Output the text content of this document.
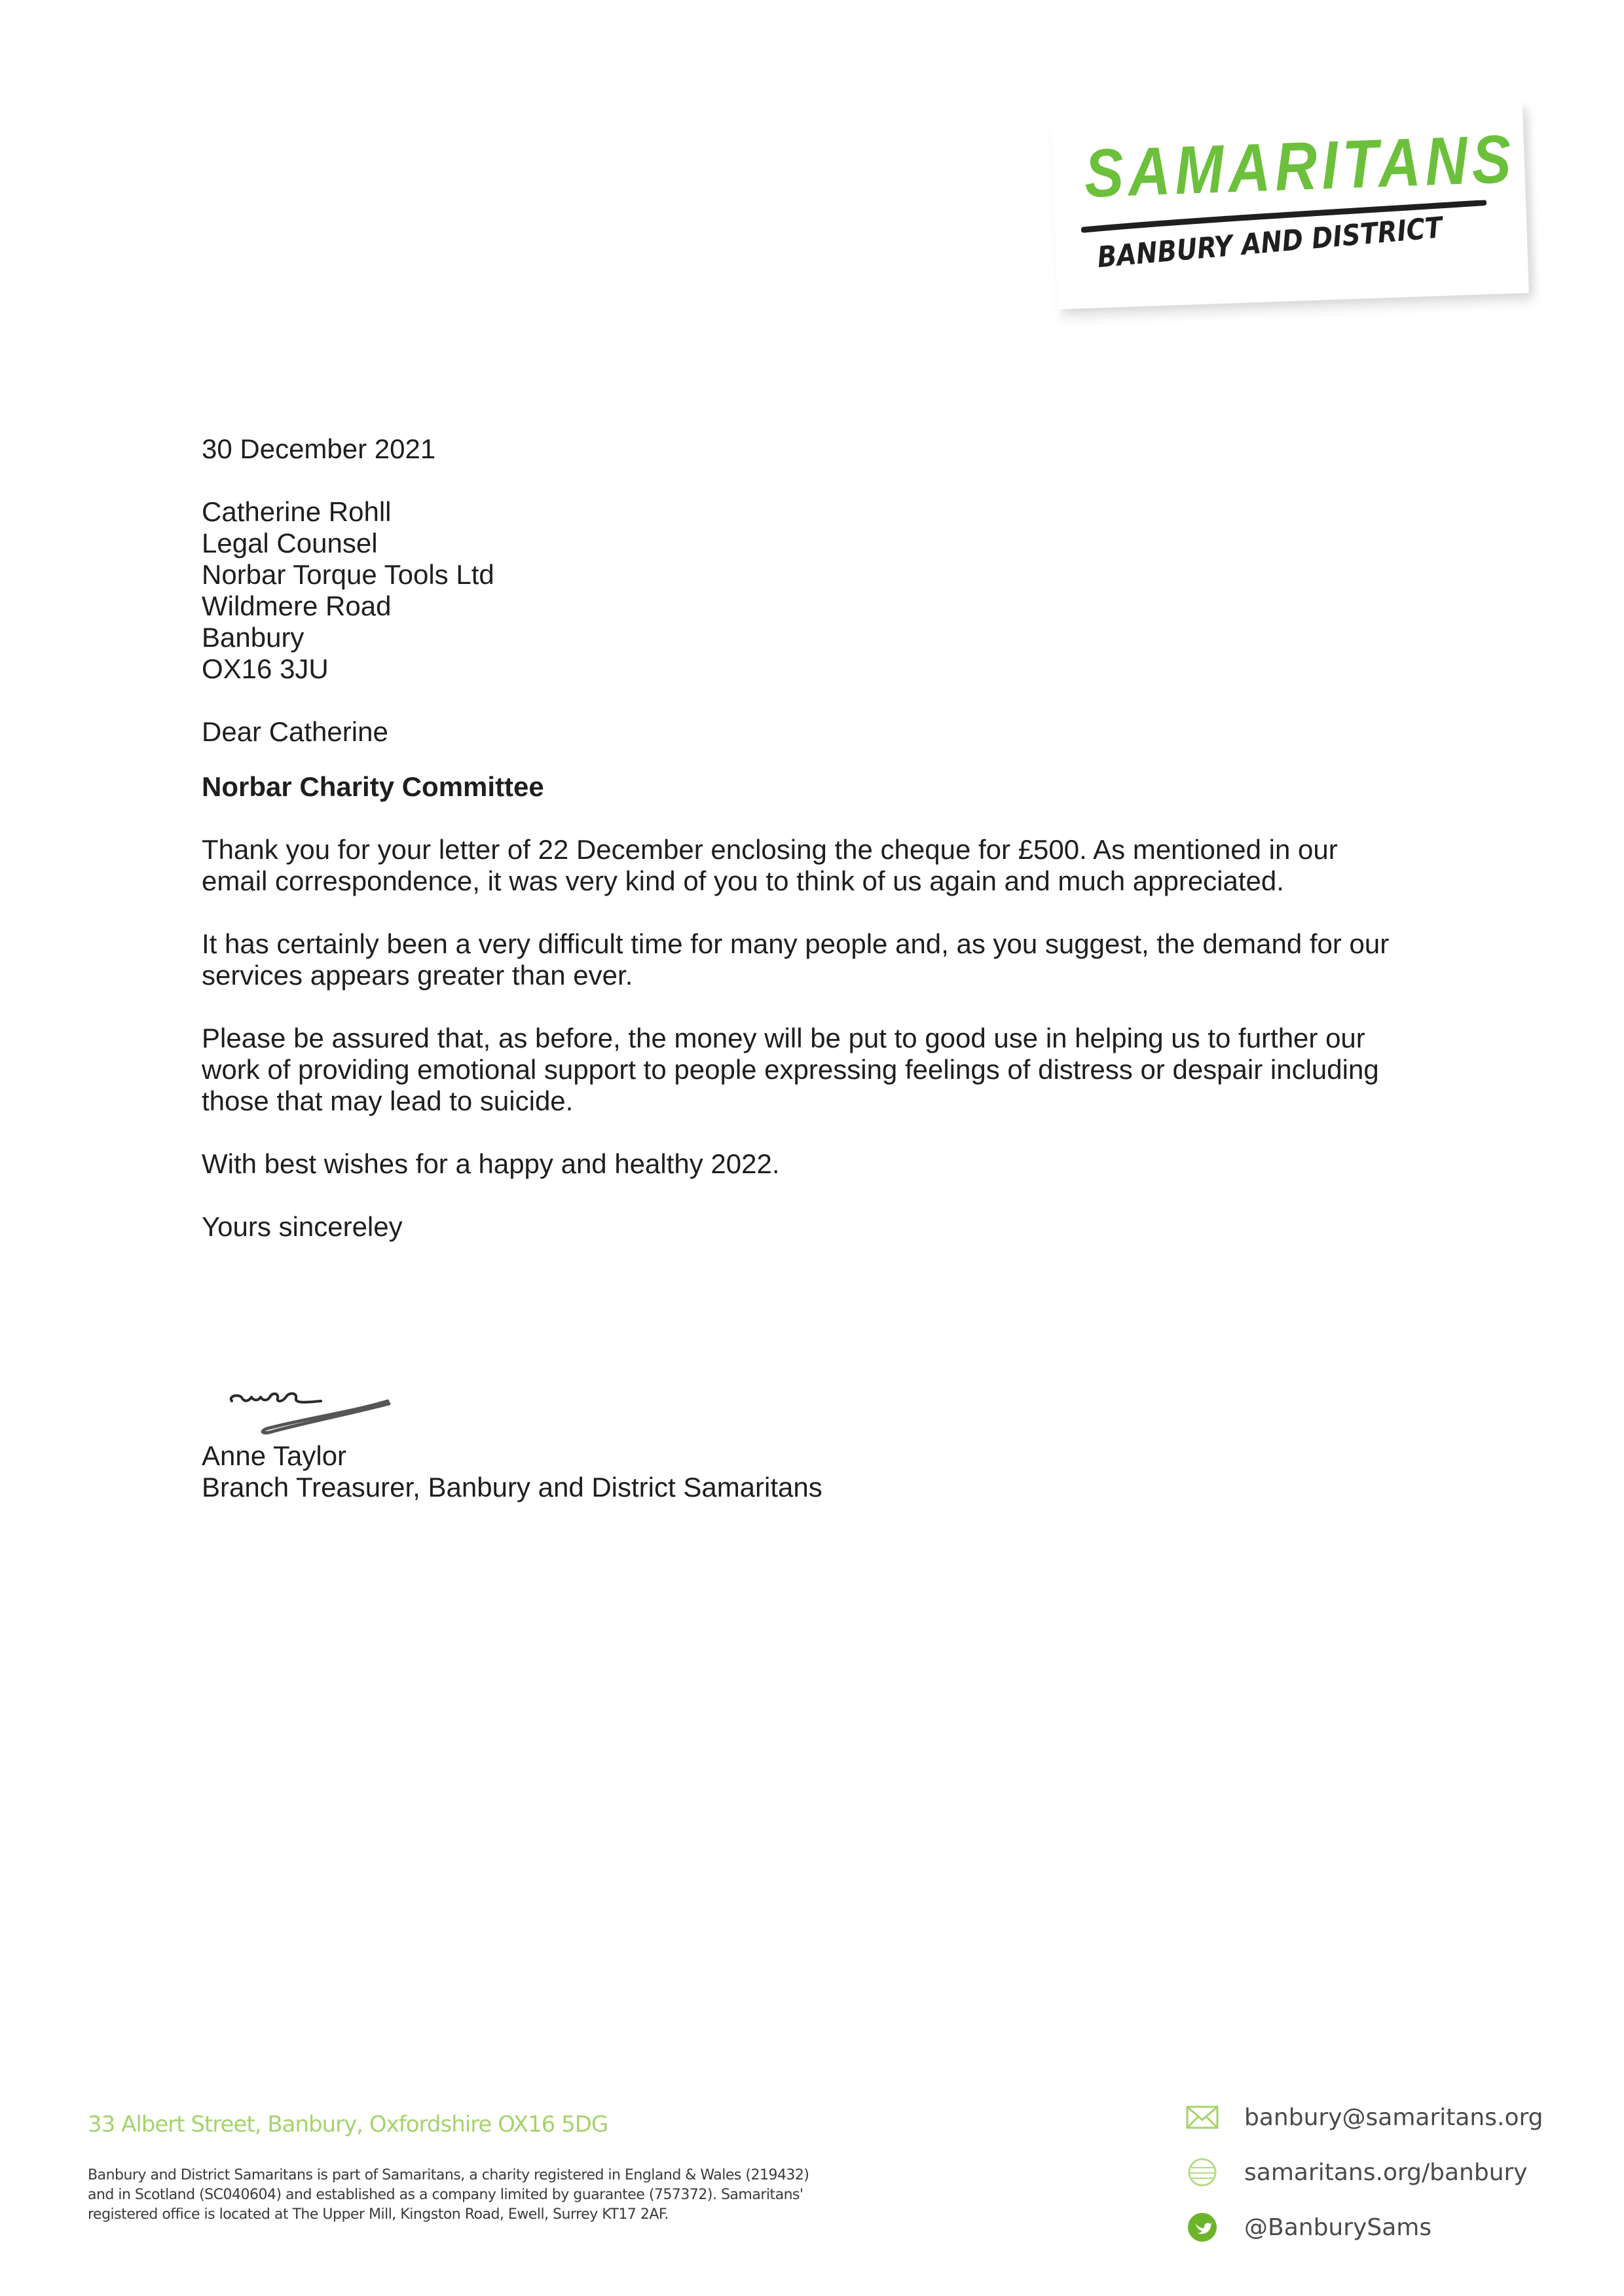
SAMARITANS
BANBURY AND DISTRICT
30 December 2021
Catherine Rohll
Legal Counsel
Norbar Torque Tools Ltd
Wildmere Road
Banbury
OX16 3JU
Dear Catherine
Norbar Charity Committee
Thank you for your letter of 22 December enclosing the cheque for £500. As mentioned in our
email correspondence, it was very kind of you to think of us again and much appreciated.
It has certainly been a very difficult time for many people and, as you suggest, the demand for our
services appears greater than ever.
Please be assured that, as before, the money will be put to good use in helping us to further our
work of providing emotional support to people expressing feelings of distress or despair including
those that may lead to suicide.
With best wishes for a happy and healthy 2022.
Yours sincereley
Anne Taylor
Branch Treasurer, Banbury and District Samaritans
33 Albert Street, Banbury, Oxfordshire OX16 5DG
Banbury and District Samaritans is part of Samaritans, a charity registered in England & Wales (219432)
and in Scotland (SC040604) and established as a company limited by guarantee (757372). Samaritans'
registered office is located at The Upper Mill, Kingston Road, Ewell, Surrey KT17 2AF.
banbury@samaritans.org
samaritans.org/banbury
@BanburySams
